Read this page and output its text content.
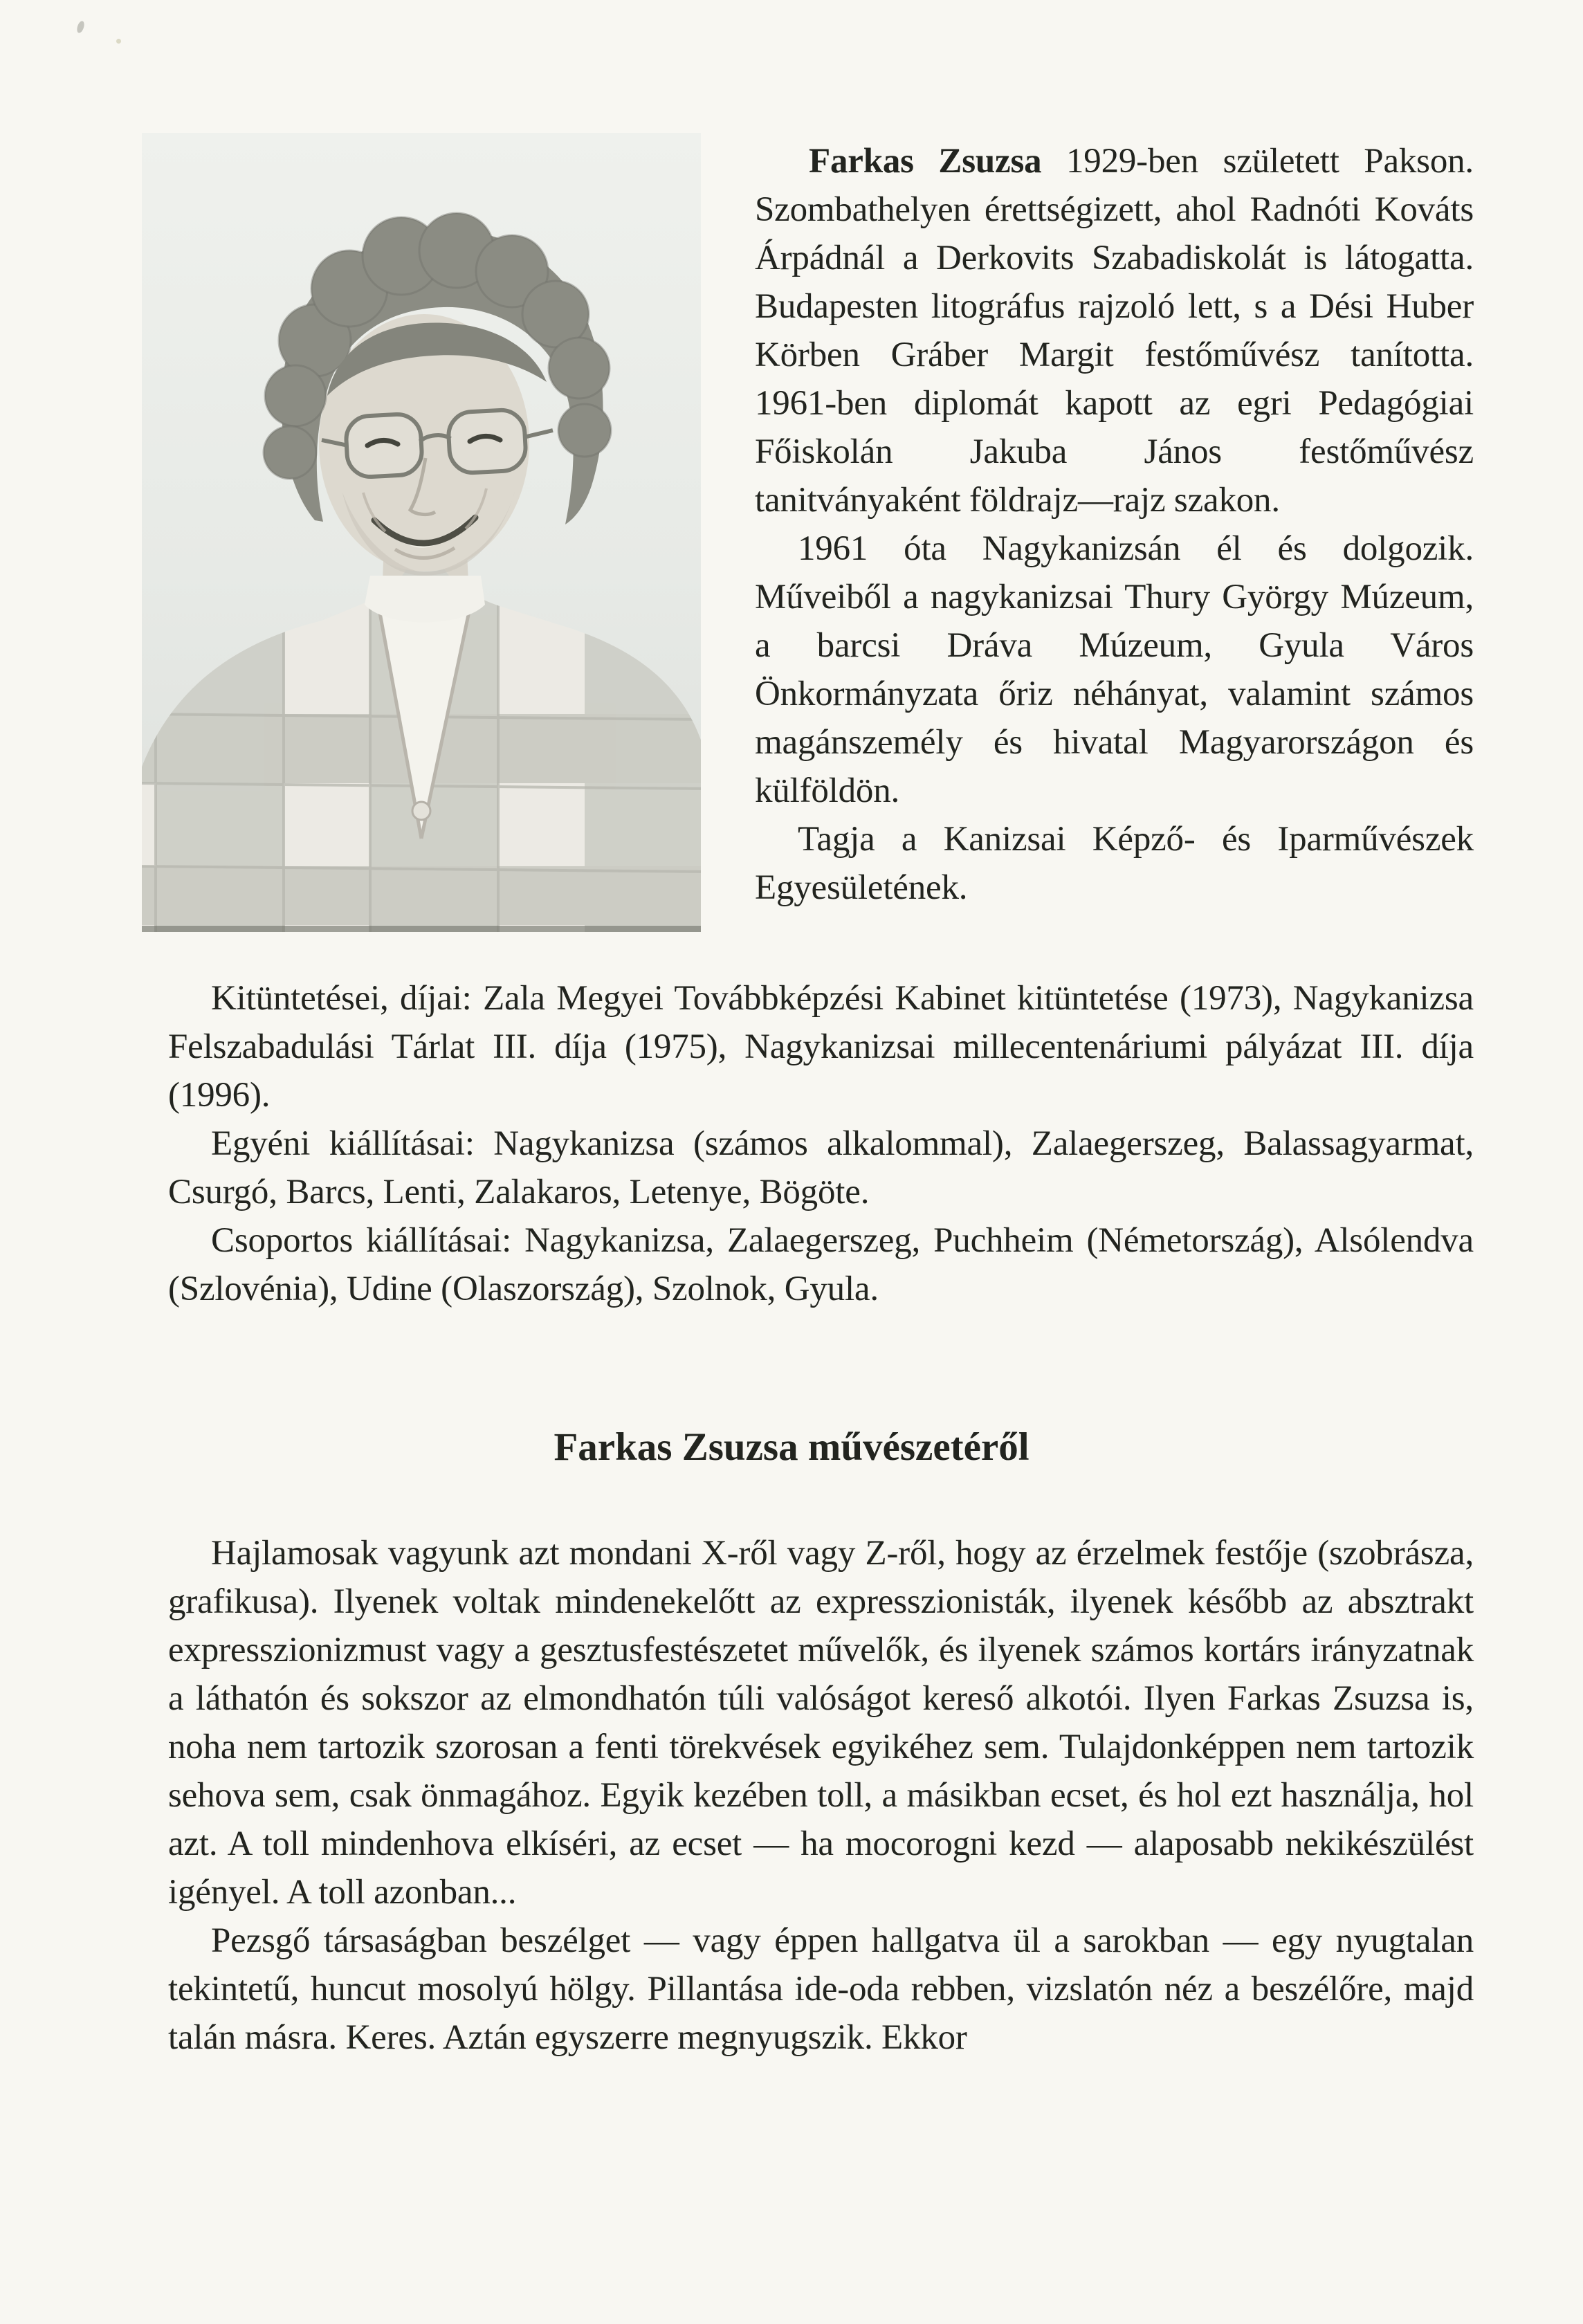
Farkas Zsuzsa 1929-ben született Pakson. Szombathelyen érettségizett, ahol Radnóti Kováts Árpádnál a Derkovits Szabadiskolát is látogatta. Budapesten litográfus rajzoló lett, s a Dési Huber Körben Gráber Margit festőművész tanította. 1961-ben diplomát kapott az egri Pedagógiai Főiskolán Jakuba János festőművész tanitványaként földrajz—rajz szakon.

1961 óta Nagykanizsán él és dolgozik. Műveiből a nagykanizsai Thury György Múzeum, a barcsi Dráva Múzeum, Gyula Város Önkormányzata őriz néhányat, valamint számos magánszemély és hivatal Magyarországon és külföldön.

Tagja a Kanizsai Képző- és Iparművészek Egyesületének.

Kitüntetései, díjai: Zala Megyei Továbbképzési Kabinet kitüntetése (1973), Nagykanizsa Felszabadulási Tárlat III. díja (1975), Nagykanizsai millecentenáriumi pályázat III. díja (1996).

Egyéni kiállításai: Nagykanizsa (számos alkalommal), Zalaegerszeg, Balassagyarmat, Csurgó, Barcs, Lenti, Zalakaros, Letenye, Bögöte.

Csoportos kiállításai: Nagykanizsa, Zalaegerszeg, Puchheim (Németország), Alsólendva (Szlovénia), Udine (Olaszország), Szolnok, Gyula.

Farkas Zsuzsa művészetéről

Hajlamosak vagyunk azt mondani X-ről vagy Z-ről, hogy az érzelmek festője (szobrásza, grafikusa). Ilyenek voltak mindenekelőtt az expresszionisták, ilyenek később az absztrakt expresszionizmust vagy a gesztusfestészetet művelők, és ilyenek számos kortárs irányzatnak a láthatón és sokszor az elmondhatón túli valóságot kereső alkotói. Ilyen Farkas Zsuzsa is, noha nem tartozik szorosan a fenti törekvések egyikéhez sem. Tulajdonképpen nem tartozik sehova sem, csak önmagához. Egyik kezében toll, a másikban ecset, és hol ezt használja, hol azt. A toll mindenhova elkíséri, az ecset — ha mocorogni kezd — alaposabb nekikészülést igényel. A toll azonban...

Pezsgő társaságban beszélget — vagy éppen hallgatva ül a sarokban — egy nyugtalan tekintetű, huncut mosolyú hölgy. Pillantása ide-oda rebben, vizslatón néz a beszélőre, majd talán másra. Keres. Aztán egyszerre megnyugszik. Ekkor
